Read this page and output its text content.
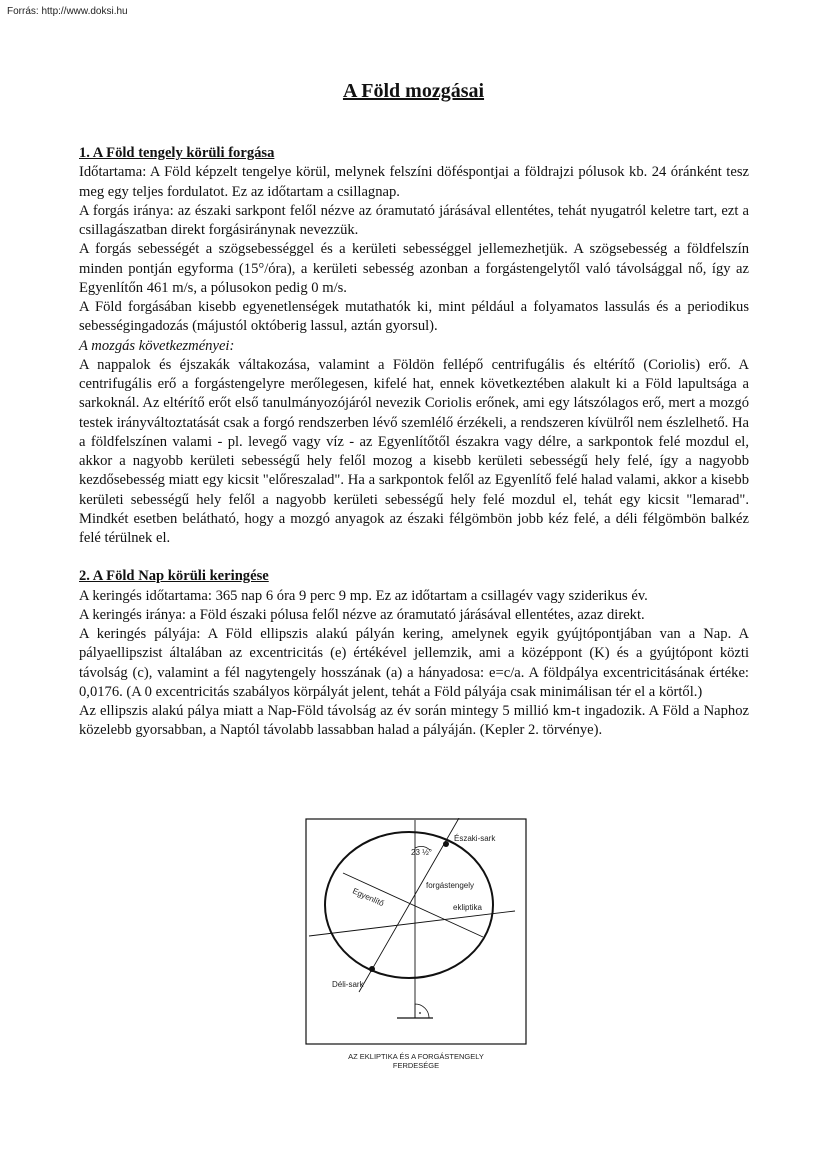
Forrás: http://www.doksi.hu
A Föld mozgásai

1. A Föld tengely körüli forgása

Időtartama: A Föld képzelt tengelye körül, melynek felszíni döféspontjai a földrajzi pólusok kb. 24 óránként tesz meg egy teljes fordulatot. Ez az időtartam a csillagnap.

A forgás iránya: az északi sarkpont felől nézve az óramutató járásával ellentétes, tehát nyugatról keletre tart, ezt a csillagászatban direkt forgásiránynak nevezzük.

A forgás sebességét a szögsebességgel és a kerületi sebességgel jellemezhetjük. A szögsebesség a földfelszín minden pontján egyforma (15°/óra), a kerületi sebesség azonban a forgástengelytől való távolsággal nő, így az Egyenlítőn 461 m/s, a pólusokon pedig 0 m/s.

A Föld forgásában kisebb egyenetlenségek mutathatók ki, mint például a folyamatos lassulás és a periodikus sebességingadozás (májustól októberig lassul, aztán gyorsul).

A mozgás következményei:

A nappalok és éjszakák váltakozása, valamint a Földön fellépő centrifugális és eltérítő (Coriolis) erő. A centrifugális erő a forgástengelyre merőlegesen, kifelé hat, ennek következtében alakult ki a Föld lapultsága a sarkoknál. Az eltérítő erőt első tanulmányozójáról nevezik Coriolis erőnek, ami egy látszólagos erő, mert a mozgó testek irányváltoztatását csak a forgó rendszerben lévő szemlélő érzékeli, a rendszeren kívülről nem észlelhető. Ha a földfelszínen valami - pl. levegő vagy víz - az Egyenlítőtől északra vagy délre, a sarkpontok felé mozdul el, akkor a nagyobb kerületi sebességű hely felől mozog a kisebb kerületi sebességű hely felé, így a nagyobb kezdősebesség miatt egy kicsit "előreszalad". Ha a sarkpontok felől az Egyenlítő felé halad valami, akkor a kisebb kerületi sebességű hely felől a nagyobb kerületi sebességű hely felé mozdul el, tehát egy kicsit "lemarad". Mindkét esetben belátható, hogy a mozgó anyagok az északi félgömbön jobb kéz felé, a déli félgömbön balkéz felé térülnek el.

2. A Föld Nap körüli keringése

A keringés időtartama: 365 nap 6 óra 9 perc 9 mp. Ez az időtartam a csillagév vagy sziderikus év.

A keringés iránya: a Föld északi pólusa felől nézve az óramutató járásával ellentétes, azaz direkt.

A keringés pályája: A Föld ellipszis alakú pályán kering, amelynek egyik gyújtópontjában van a Nap. A pályaellipszist általában az excentricitás (e) értékével jellemzik, ami a középpont (K) és a gyújtópont közti távolság (c), valamint a fél nagytengely hosszának (a) a hányadosa: e=c/a. A földpálya excentricitásának értéke: 0,0176. (A 0 excentricitás szabályos körpályát jelent, tehát a Föld pályája csak minimálisan tér el a körtől.)

Az ellipszis alakú pálya miatt a Nap-Föld távolság az év során mintegy 5 millió km-t ingadozik. A Föld a Naphoz közelebb gyorsabban, a Naptól távolabb lassabban halad a pályáján. (Kepler 2. törvénye).

Északi-sark
23 ½°
forgástengely
Egyenlítő	ekliptika
Déli-sark
AZ EKLIPTIKA ÉS A FORGÁSTENGELY
FERDESÉGE
